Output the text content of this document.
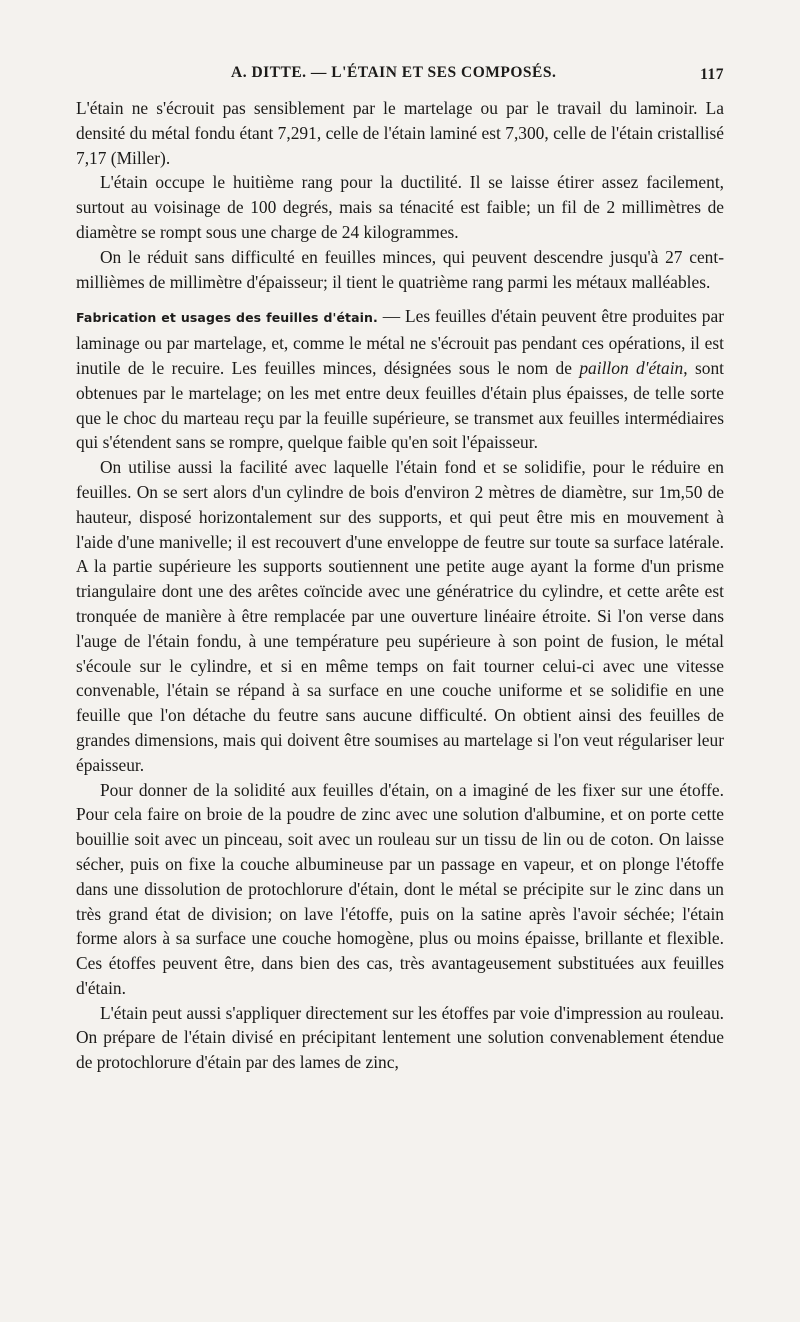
A. DITTE. — L'ÉTAIN ET SES COMPOSÉS.	117

L'étain ne s'écrouit pas sensiblement par le martelage ou par le travail du laminoir. La densité du métal fondu étant 7,291, celle de l'étain laminé est 7,300, celle de l'étain cristallisé 7,17 (Miller).

L'étain occupe le huitième rang pour la ductilité. Il se laisse étirer assez facilement, surtout au voisinage de 100 degrés, mais sa ténacité est faible; un fil de 2 millimètres de diamètre se rompt sous une charge de 24 kilogrammes.

On le réduit sans difficulté en feuilles minces, qui peuvent descendre jusqu'à 27 cent-millièmes de millimètre d'épaisseur; il tient le quatrième rang parmi les métaux malléables.

Fabrication et usages des feuilles d'étain. — Les feuilles d'étain peuvent être produites par laminage ou par martelage, et, comme le métal ne s'écrouit pas pendant ces opérations, il est inutile de le recuire. Les feuilles minces, désignées sous le nom de paillon d'étain, sont obtenues par le martelage; on les met entre deux feuilles d'étain plus épaisses, de telle sorte que le choc du marteau reçu par la feuille supérieure, se transmet aux feuilles intermédiaires qui s'étendent sans se rompre, quelque faible qu'en soit l'épaisseur.

On utilise aussi la facilité avec laquelle l'étain fond et se solidifie, pour le réduire en feuilles. On se sert alors d'un cylindre de bois d'environ 2 mètres de diamètre, sur 1m,50 de hauteur, disposé horizontalement sur des supports, et qui peut être mis en mouvement à l'aide d'une manivelle; il est recouvert d'une enveloppe de feutre sur toute sa surface latérale. A la partie supérieure les supports soutiennent une petite auge ayant la forme d'un prisme triangulaire dont une des arêtes coïncide avec une génératrice du cylindre, et cette arête est tronquée de manière à être remplacée par une ouverture linéaire étroite. Si l'on verse dans l'auge de l'étain fondu, à une température peu supérieure à son point de fusion, le métal s'écoule sur le cylindre, et si en même temps on fait tourner celui-ci avec une vitesse convenable, l'étain se répand à sa surface en une couche uniforme et se solidifie en une feuille que l'on détache du feutre sans aucune difficulté. On obtient ainsi des feuilles de grandes dimensions, mais qui doivent être soumises au martelage si l'on veut régulariser leur épaisseur.

Pour donner de la solidité aux feuilles d'étain, on a imaginé de les fixer sur une étoffe. Pour cela faire on broie de la poudre de zinc avec une solution d'albumine, et on porte cette bouillie soit avec un pinceau, soit avec un rouleau sur un tissu de lin ou de coton. On laisse sécher, puis on fixe la couche albumineuse par un passage en vapeur, et on plonge l'étoffe dans une dissolution de protochlorure d'étain, dont le métal se précipite sur le zinc dans un très grand état de division; on lave l'étoffe, puis on la satine après l'avoir séchée; l'étain forme alors à sa surface une couche homogène, plus ou moins épaisse, brillante et flexible. Ces étoffes peuvent être, dans bien des cas, très avantageusement substituées aux feuilles d'étain.

L'étain peut aussi s'appliquer directement sur les étoffes par voie d'impression au rouleau. On prépare de l'étain divisé en précipitant lentement une solution convenablement étendue de protochlorure d'étain par des lames de zinc,
